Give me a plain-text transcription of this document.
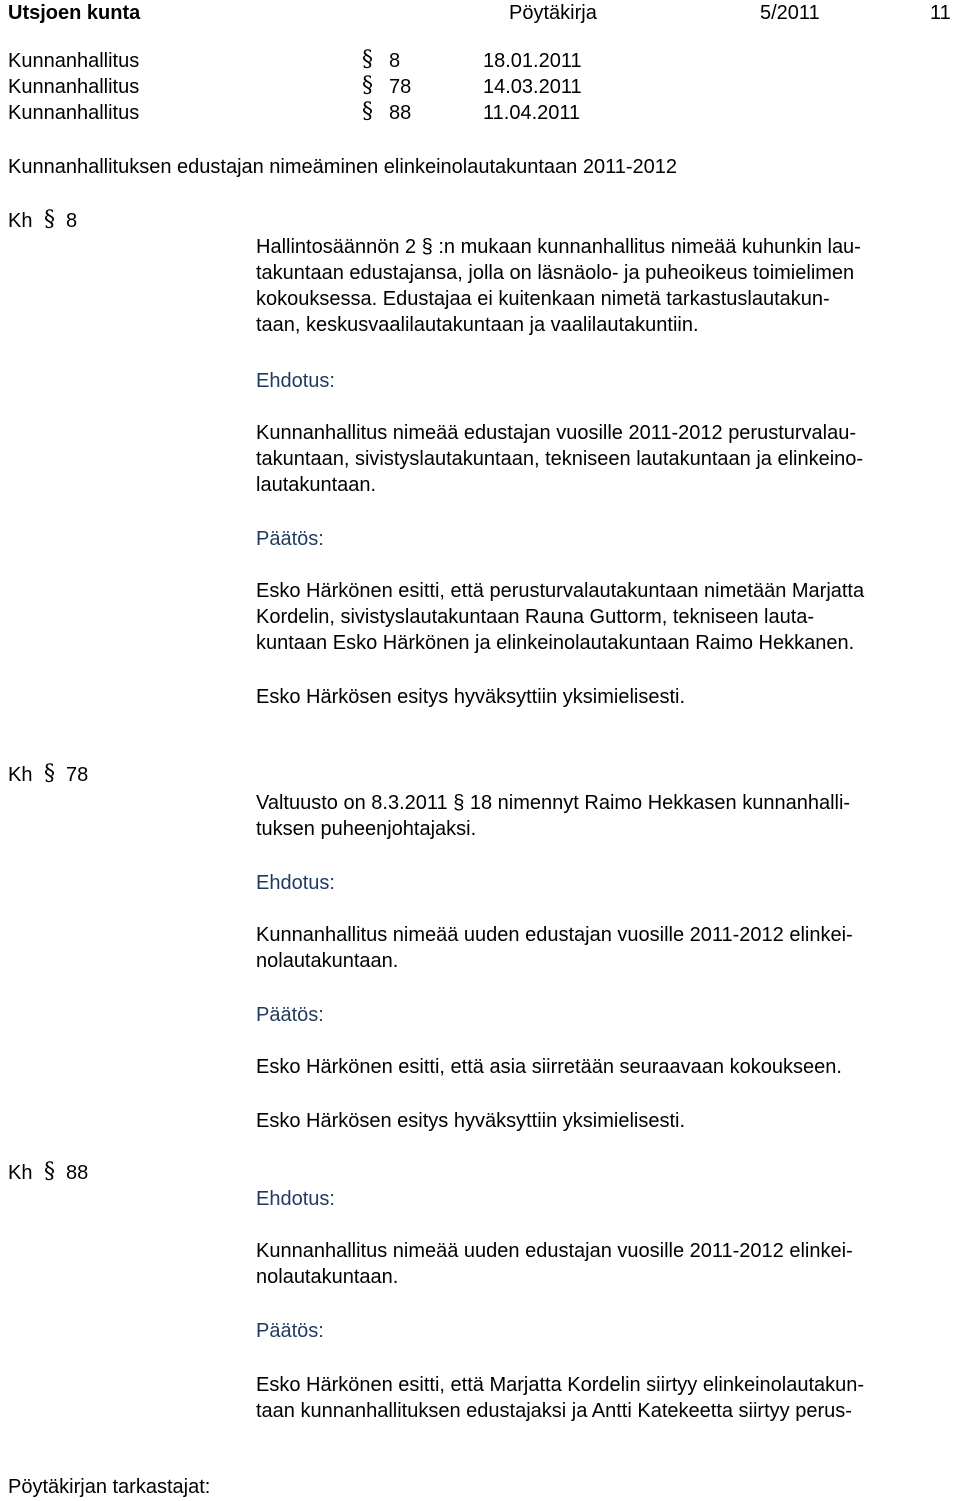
Utsjoen kunta	Pöytäkirja	5/2011	11
Kunnanhallitus	§ 8	18.01.2011
Kunnanhallitus	§ 78	14.03.2011
Kunnanhallitus	§ 88	11.04.2011
Kunnanhallituksen edustajan nimeäminen elinkeinolautakuntaan 2011-2012
Kh § 8
Hallintosäännön 2 § :n mukaan kunnanhallitus nimeää kuhunkin lau-
takuntaan edustajansa, jolla on läsnäolo- ja puheoikeus toimielimen
kokouksessa. Edustajaa ei kuitenkaan nimetä tarkastuslautakun-
taan, keskusvaalilautakuntaan ja vaalilautakuntiin.
Ehdotus:
Kunnanhallitus nimeää edustajan vuosille 2011-2012 perusturvalau-
takuntaan, sivistyslautakuntaan, tekniseen lautakuntaan ja elinkeino-
lautakuntaan.
Päätös:
Esko Härkönen esitti, että perusturvalautakuntaan nimetään Marjatta
Kordelin, sivistyslautakuntaan Rauna Guttorm, tekniseen lauta-
kuntaan Esko Härkönen ja elinkeinolautakuntaan Raimo Hekkanen.
Esko Härkösen esitys hyväksyttiin yksimielisesti.
Kh § 78
Valtuusto on 8.3.2011 § 18 nimennyt Raimo Hekkasen kunnanhalli-
tuksen puheenjohtajaksi.
Ehdotus:
Kunnanhallitus nimeää uuden edustajan vuosille 2011-2012 elinkei-
nolautakuntaan.
Päätös:
Esko Härkönen esitti, että asia siirretään seuraavaan kokoukseen.
Esko Härkösen esitys hyväksyttiin yksimielisesti.
Kh § 88
Ehdotus:
Kunnanhallitus nimeää uuden edustajan vuosille 2011-2012 elinkei-
nolautakuntaan.
Päätös:
Esko Härkönen esitti, että Marjatta Kordelin siirtyy elinkeinolautakun-
taan kunnanhallituksen edustajaksi ja Antti Katekeetta siirtyy perus-
Pöytäkirjan tarkastajat:
